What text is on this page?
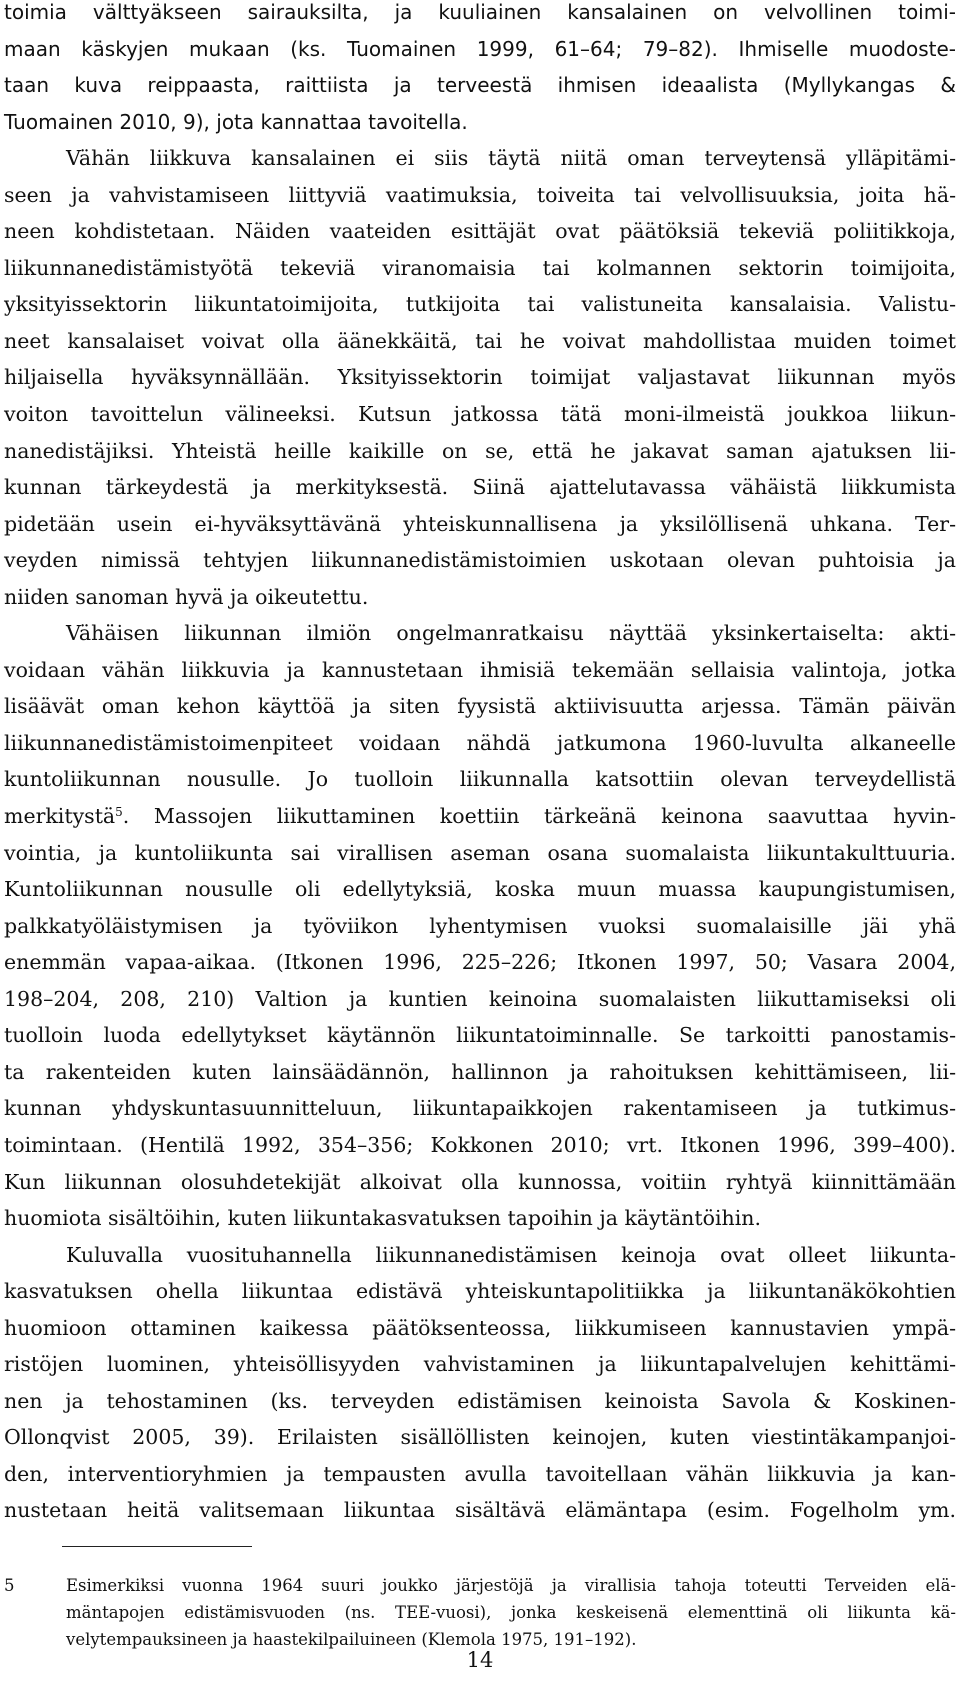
toimia välttyäkseen sairauksilta, ja kuuliainen kansalainen on velvollinen toimi-
maan käskyjen mukaan (ks. Tuomainen 1999, 61–64; 79–82). Ihmiselle muodoste-
taan kuva reippaasta, raittiista ja terveestä ihmisen ideaalista (Myllykangas &
Tuomainen 2010, 9), jota kannattaa tavoitella.
Vähän liikkuva kansalainen ei siis täytä niitä oman terveytensä ylläpitämi-
seen ja vahvistamiseen liittyviä vaatimuksia, toiveita tai velvollisuuksia, joita hä-
neen kohdistetaan. Näiden vaateiden esittäjät ovat päätöksiä tekeviä poliitikkoja,
liikunnanedistämistyötä tekeviä viranomaisia tai kolmannen sektorin toimijoita,
yksityissektorin liikuntatoimijoita, tutkijoita tai valistuneita kansalaisia. Valistu-
neet kansalaiset voivat olla äänekkäitä, tai he voivat mahdollistaa muiden toimet
hiljaisella hyväksynnällään. Yksityissektorin toimijat valjastavat liikunnan myös
voiton tavoittelun välineeksi. Kutsun jatkossa tätä moni-ilmeistä joukkoa liikun-
nanedistäjiksi. Yhteistä heille kaikille on se, että he jakavat saman ajatuksen lii-
kunnan tärkeydestä ja merkityksestä. Siinä ajattelutavassa vähäistä liikkumista
pidetään usein ei-hyväksyttävänä yhteiskunnallisena ja yksilöllisenä uhkana. Ter-
veyden nimissä tehtyjen liikunnanedistämistoimien uskotaan olevan puhtoisia ja
niiden sanoman hyvä ja oikeutettu.
Vähäisen liikunnan ilmiön ongelmanratkaisu näyttää yksinkertaiselta: akti-
voidaan vähän liikkuvia ja kannustetaan ihmisiä tekemään sellaisia valintoja, jotka
lisäävät oman kehon käyttöä ja siten fyysistä aktiivisuutta arjessa. Tämän päivän
liikunnanedistämistoimenpiteet voidaan nähdä jatkumona 1960-luvulta alkaneelle
kuntoliikunnan nousulle. Jo tuolloin liikunnalla katsottiin olevan terveydellistä
merkitystä$^5$. Massojen liikuttaminen koettiin tärkeänä keinona saavuttaa hyvin-
vointia, ja kuntoliikunta sai virallisen aseman osana suomalaista liikuntakulttuuria.
Kuntoliikunnan nousulle oli edellytyksiä, koska muun muassa kaupungistumisen,
palkkatyöläistymisen ja työviikon lyhentymisen vuoksi suomalaisille jäi yhä
enemmän vapaa-aikaa. (Itkonen 1996, 225–226; Itkonen 1997, 50; Vasara 2004,
198–204, 208, 210) Valtion ja kuntien keinoina suomalaisten liikuttamiseksi oli
tuolloin luoda edellytykset käytännön liikuntatoiminnalle. Se tarkoitti panostamis-
ta rakenteiden kuten lainsäädännön, hallinnon ja rahoituksen kehittämiseen, lii-
kunnan yhdyskuntasuunnitteluun, liikuntapaikkojen rakentamiseen ja tutkimus-
toimintaan. (Hentilä 1992, 354–356; Kokkonen 2010; vrt. Itkonen 1996, 399–400).
Kun liikunnan olosuhdetekijät alkoivat olla kunnossa, voitiin ryhtyä kiinnittämään
huomiota sisältöihin, kuten liikuntakasvatuksen tapoihin ja käytäntöihin.
Kuluvalla vuosituhannella liikunnanedistämisen keinoja ovat olleet liikunta-
kasvatuksen ohella liikuntaa edistävä yhteiskuntapolitiikka ja liikuntanäkökohtien
huomioon ottaminen kaikessa päätöksenteossa, liikkumiseen kannustavien ympä-
ristöjen luominen, yhteisöllisyyden vahvistaminen ja liikuntapalvelujen kehittämi-
nen ja tehostaminen (ks. terveyden edistämisen keinoista Savola & Koskinen-
Ollonqvist 2005, 39). Erilaisten sisällöllisten keinojen, kuten viestintäkampanjoi-
den, interventioryhmien ja tempausten avulla tavoitellaan vähän liikkuvia ja kan-
nustetaan heitä valitsemaan liikuntaa sisältävä elämäntapa (esim. Fogelholm ym.
5	Esimerkiksi vuonna 1964 suuri joukko järjestöjä ja virallisia tahoja toteutti Terveiden elä-
mäntapojen edistämisvuoden (ns. TEE-vuosi), jonka keskeisenä elementtinä oli liikunta kä-
velytempauksineen ja haastekilpailuineen (Klemola 1975, 191–192).
14
